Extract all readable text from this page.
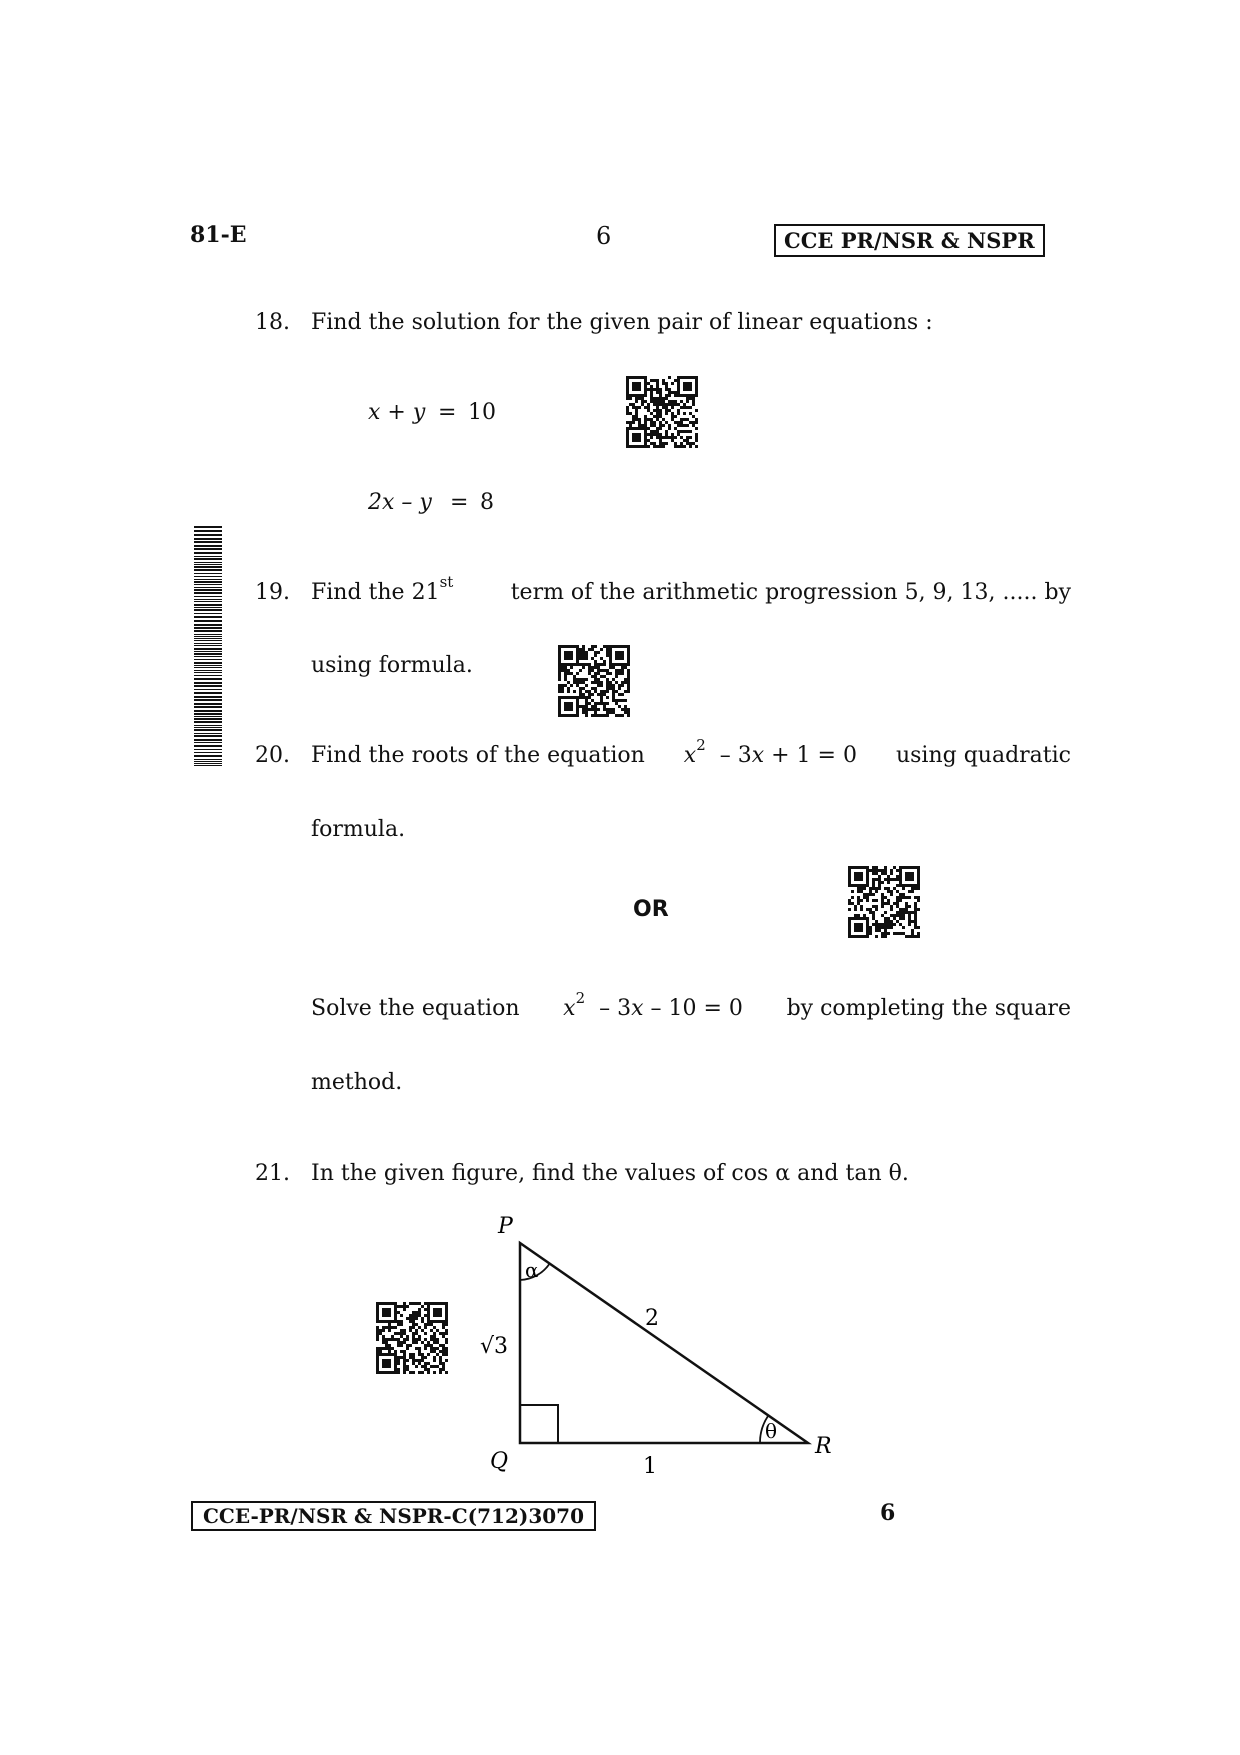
81-E	6	CCE PR/NSR & NSPR
18. Find the solution for the given pair of linear equations :
x + y = 10
2x – y = 8
19. Find the 21st	term of the arithmetic progression 5, 9, 13, ..... by
using formula.
20. Find the roots of the equation $x^2 - 3x + 1 = 0$ using quadratic
formula.
OR
Solve the equation $x^2 - 3x - 10 = 0$ by completing the square
method.
21. In the given figure, find the values of cos α and tan θ.
P
Q
R
α
θ
√3
2
1
CCE-PR/NSR & NSPR-C(712)3070	6
